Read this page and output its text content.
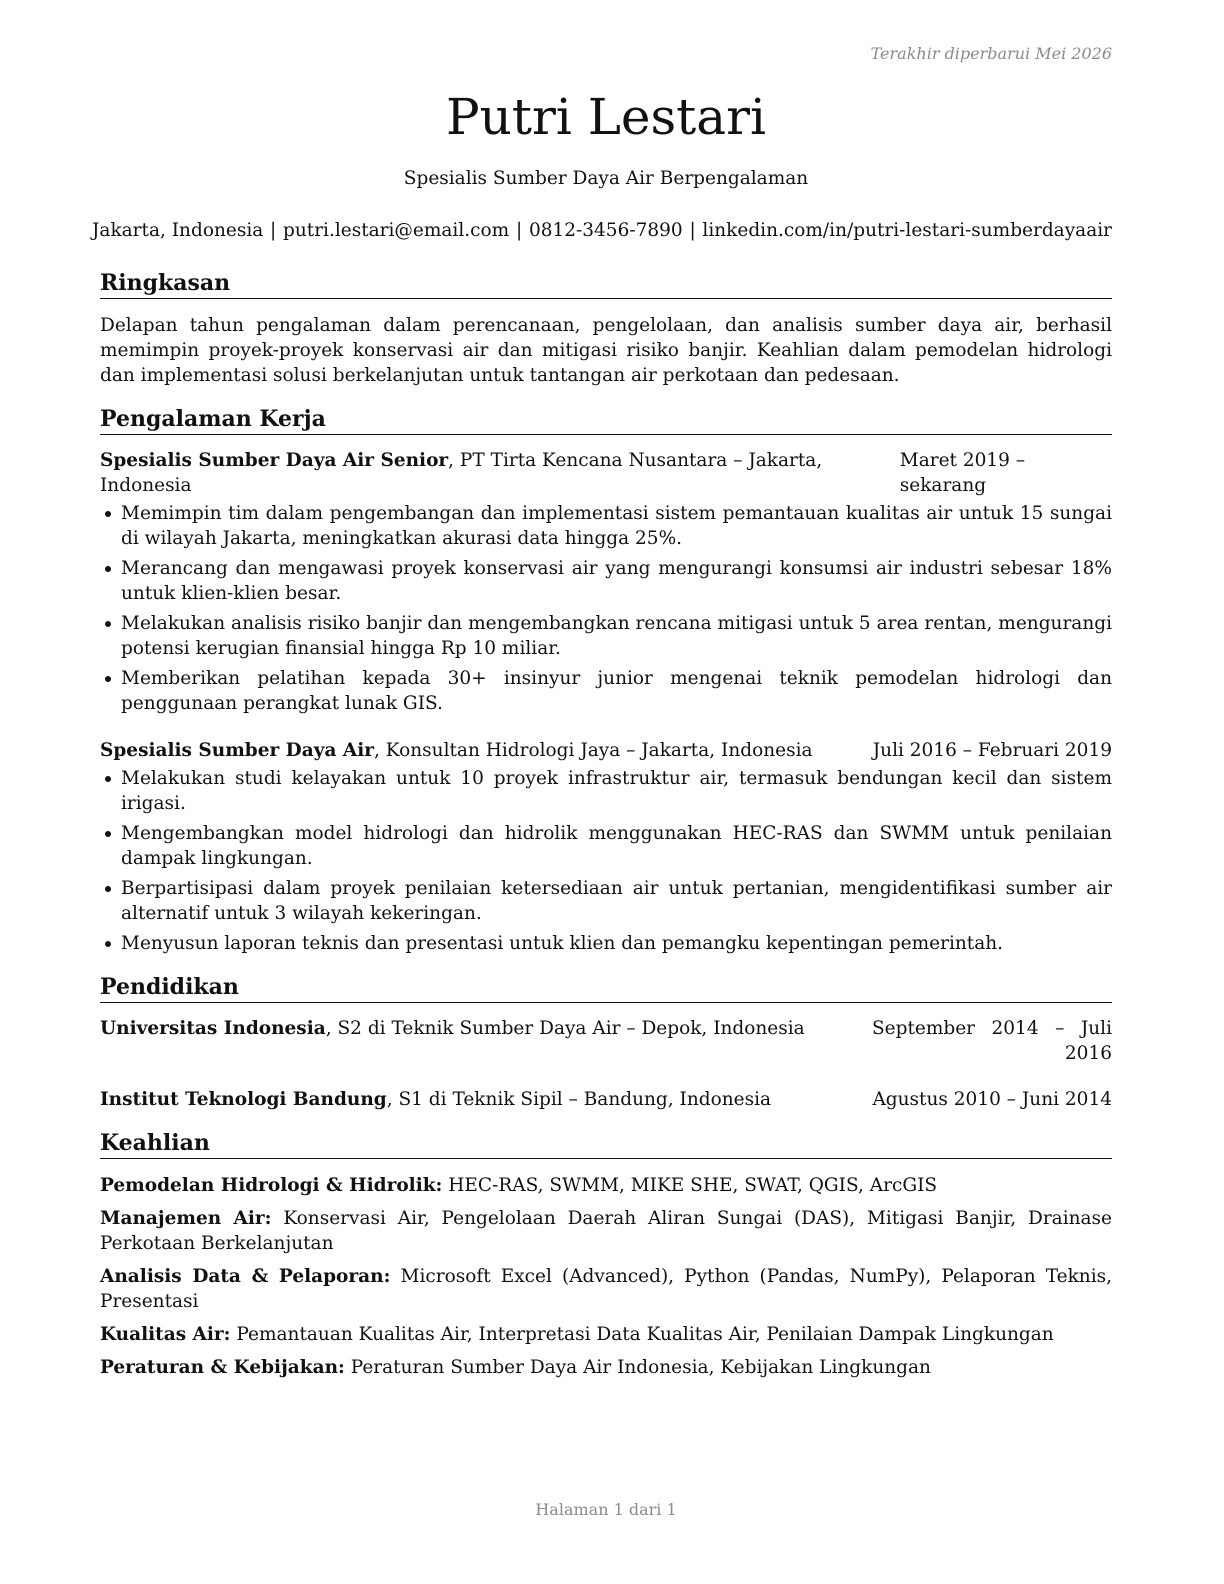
Terakhir diperbarui Mei 2026
Putri Lestari
Spesialis Sumber Daya Air Berpengalaman
Jakarta, Indonesia | putri.lestari@email.com | 0812-3456-7890 | linkedin.com/in/putri-lestari-sumberdayaair
Ringkasan

Delapan tahun pengalaman dalam perencanaan, pengelolaan, dan analisis sumber daya air, berhasil memimpin proyek-proyek konservasi air dan mitigasi risiko banjir. Keahlian dalam pemodelan hidrologi dan implementasi solusi berkelanjutan untuk tantangan air perkotaan dan pedesaan.

Pengalaman Kerja
Spesialis Sumber Daya Air Senior, PT Tirta Kencana Nusantara – Jakarta, Indonesia
Maret 2019 – sekarang
Memimpin tim dalam pengembangan dan implementasi sistem pemantauan kualitas air untuk 15 sungai di wilayah Jakarta, meningkatkan akurasi data hingga 25%.
Merancang dan mengawasi proyek konservasi air yang mengurangi konsumsi air industri sebesar 18% untuk klien-klien besar.
Melakukan analisis risiko banjir dan mengembangkan rencana mitigasi untuk 5 area rentan, mengurangi potensi kerugian finansial hingga Rp 10 miliar.
Memberikan pelatihan kepada 30+ insinyur junior mengenai teknik pemodelan hidrologi dan penggunaan perangkat lunak GIS.
Spesialis Sumber Daya Air, Konsultan Hidrologi Jaya – Jakarta, Indonesia	Juli 2016 – Februari 2019
Melakukan studi kelayakan untuk 10 proyek infrastruktur air, termasuk bendungan kecil dan sistem irigasi.
Mengembangkan model hidrologi dan hidrolik menggunakan HEC-RAS dan SWMM untuk penilaian dampak lingkungan.
Berpartisipasi dalam proyek penilaian ketersediaan air untuk pertanian, mengidentifikasi sumber air alternatif untuk 3 wilayah kekeringan.
Menyusun laporan teknis dan presentasi untuk klien dan pemangku kepentingan pemerintah.
Pendidikan
Universitas Indonesia, S2 di Teknik Sumber Daya Air – Depok, Indonesia	September 2014 – Juli 2016
Institut Teknologi Bandung, S1 di Teknik Sipil – Bandung, Indonesia	Agustus 2010 – Juni 2014
Keahlian
Pemodelan Hidrologi & Hidrolik: HEC-RAS, SWMM, MIKE SHE, SWAT, QGIS, ArcGIS
Manajemen Air: Konservasi Air, Pengelolaan Daerah Aliran Sungai (DAS), Mitigasi Banjir, Drainase Perkotaan Berkelanjutan
Analisis Data & Pelaporan: Microsoft Excel (Advanced), Python (Pandas, NumPy), Pelaporan Teknis, Presentasi
Kualitas Air: Pemantauan Kualitas Air, Interpretasi Data Kualitas Air, Penilaian Dampak Lingkungan
Peraturan & Kebijakan: Peraturan Sumber Daya Air Indonesia, Kebijakan Lingkungan
Halaman 1 dari 1
